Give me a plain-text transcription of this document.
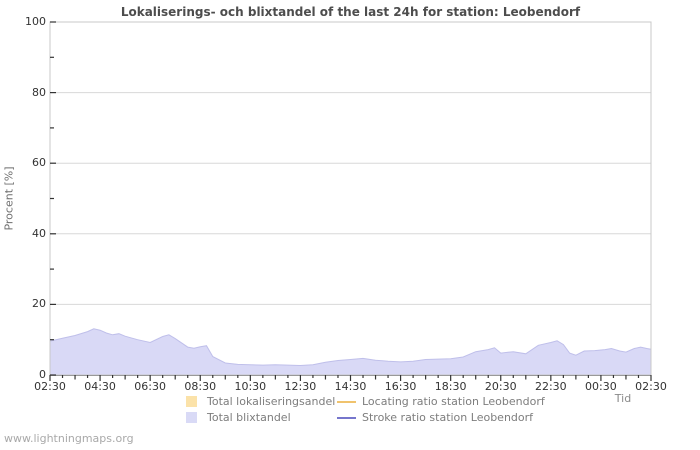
Lokaliserings- och blixtandel of the last 24h for station: Leobendorf
Procent [%]
0
20
40
60
80
100
02:30	04:30	06:30	08:30	10:30	12:30	14:30	16:30	18:30	20:30	22:30	00:30	02:30
Tid
Total lokaliseringsandel Locating ratio station Leobendorf
Total blixtandel	Stroke ratio station Leobendorf
www.lightningmaps.org
